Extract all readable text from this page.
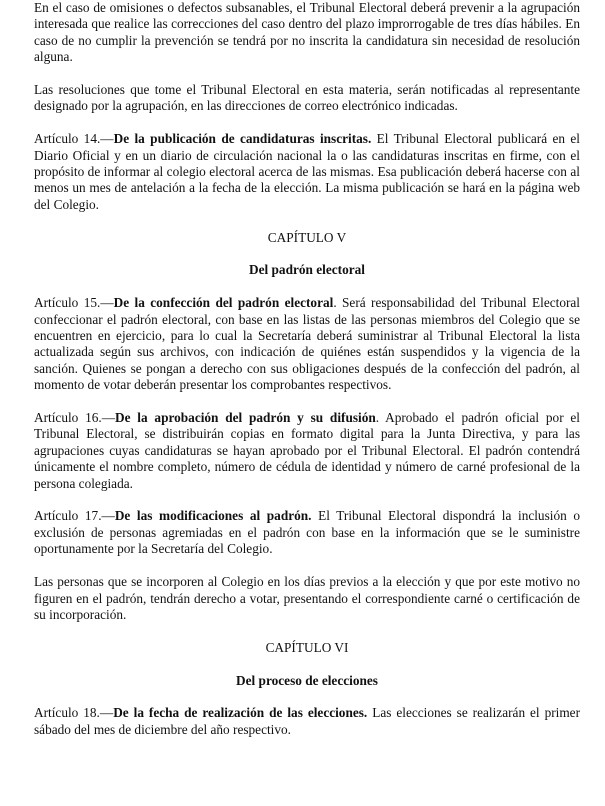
En el caso de omisiones o defectos subsanables, el Tribunal Electoral deberá prevenir a la agrupación interesada que realice las correcciones del caso dentro del plazo improrrogable de tres días hábiles. En caso de no cumplir la prevención se tendrá por no inscrita la candidatura sin necesidad de resolución alguna.

Las resoluciones que tome el Tribunal Electoral en esta materia, serán notificadas al representante designado por la agrupación, en las direcciones de correo electrónico indicadas.

Artículo 14.—De la publicación de candidaturas inscritas. El Tribunal Electoral publicará en el Diario Oficial y en un diario de circulación nacional la o las candidaturas inscritas en firme, con el propósito de informar al colegio electoral acerca de las mismas. Esa publicación deberá hacerse con al menos un mes de antelación a la fecha de la elección. La misma publicación se hará en la página web del Colegio.

CAPÍTULO V

Del padrón electoral

Artículo 15.—De la confección del padrón electoral. Será responsabilidad del Tribunal Electoral confeccionar el padrón electoral, con base en las listas de las personas miembros del Colegio que se encuentren en ejercicio, para lo cual la Secretaría deberá suministrar al Tribunal Electoral la lista actualizada según sus archivos, con indicación de quiénes están suspendidos y la vigencia de la sanción. Quienes se pongan a derecho con sus obligaciones después de la confección del padrón, al momento de votar deberán presentar los comprobantes respectivos.

Artículo 16.—De la aprobación del padrón y su difusión. Aprobado el padrón oficial por el Tribunal Electoral, se distribuirán copias en formato digital para la Junta Directiva, y para las agrupaciones cuyas candidaturas se hayan aprobado por el Tribunal Electoral. El padrón contendrá únicamente el nombre completo, número de cédula de identidad y número de carné profesional de la persona colegiada.

Artículo 17.—De las modificaciones al padrón. El Tribunal Electoral dispondrá la inclusión o exclusión de personas agremiadas en el padrón con base en la información que se le suministre oportunamente por la Secretaría del Colegio.

Las personas que se incorporen al Colegio en los días previos a la elección y que por este motivo no figuren en el padrón, tendrán derecho a votar, presentando el correspondiente carné o certificación de su incorporación.

CAPÍTULO VI

Del proceso de elecciones

Artículo 18.—De la fecha de realización de las elecciones. Las elecciones se realizarán el primer sábado del mes de diciembre del año respectivo.
